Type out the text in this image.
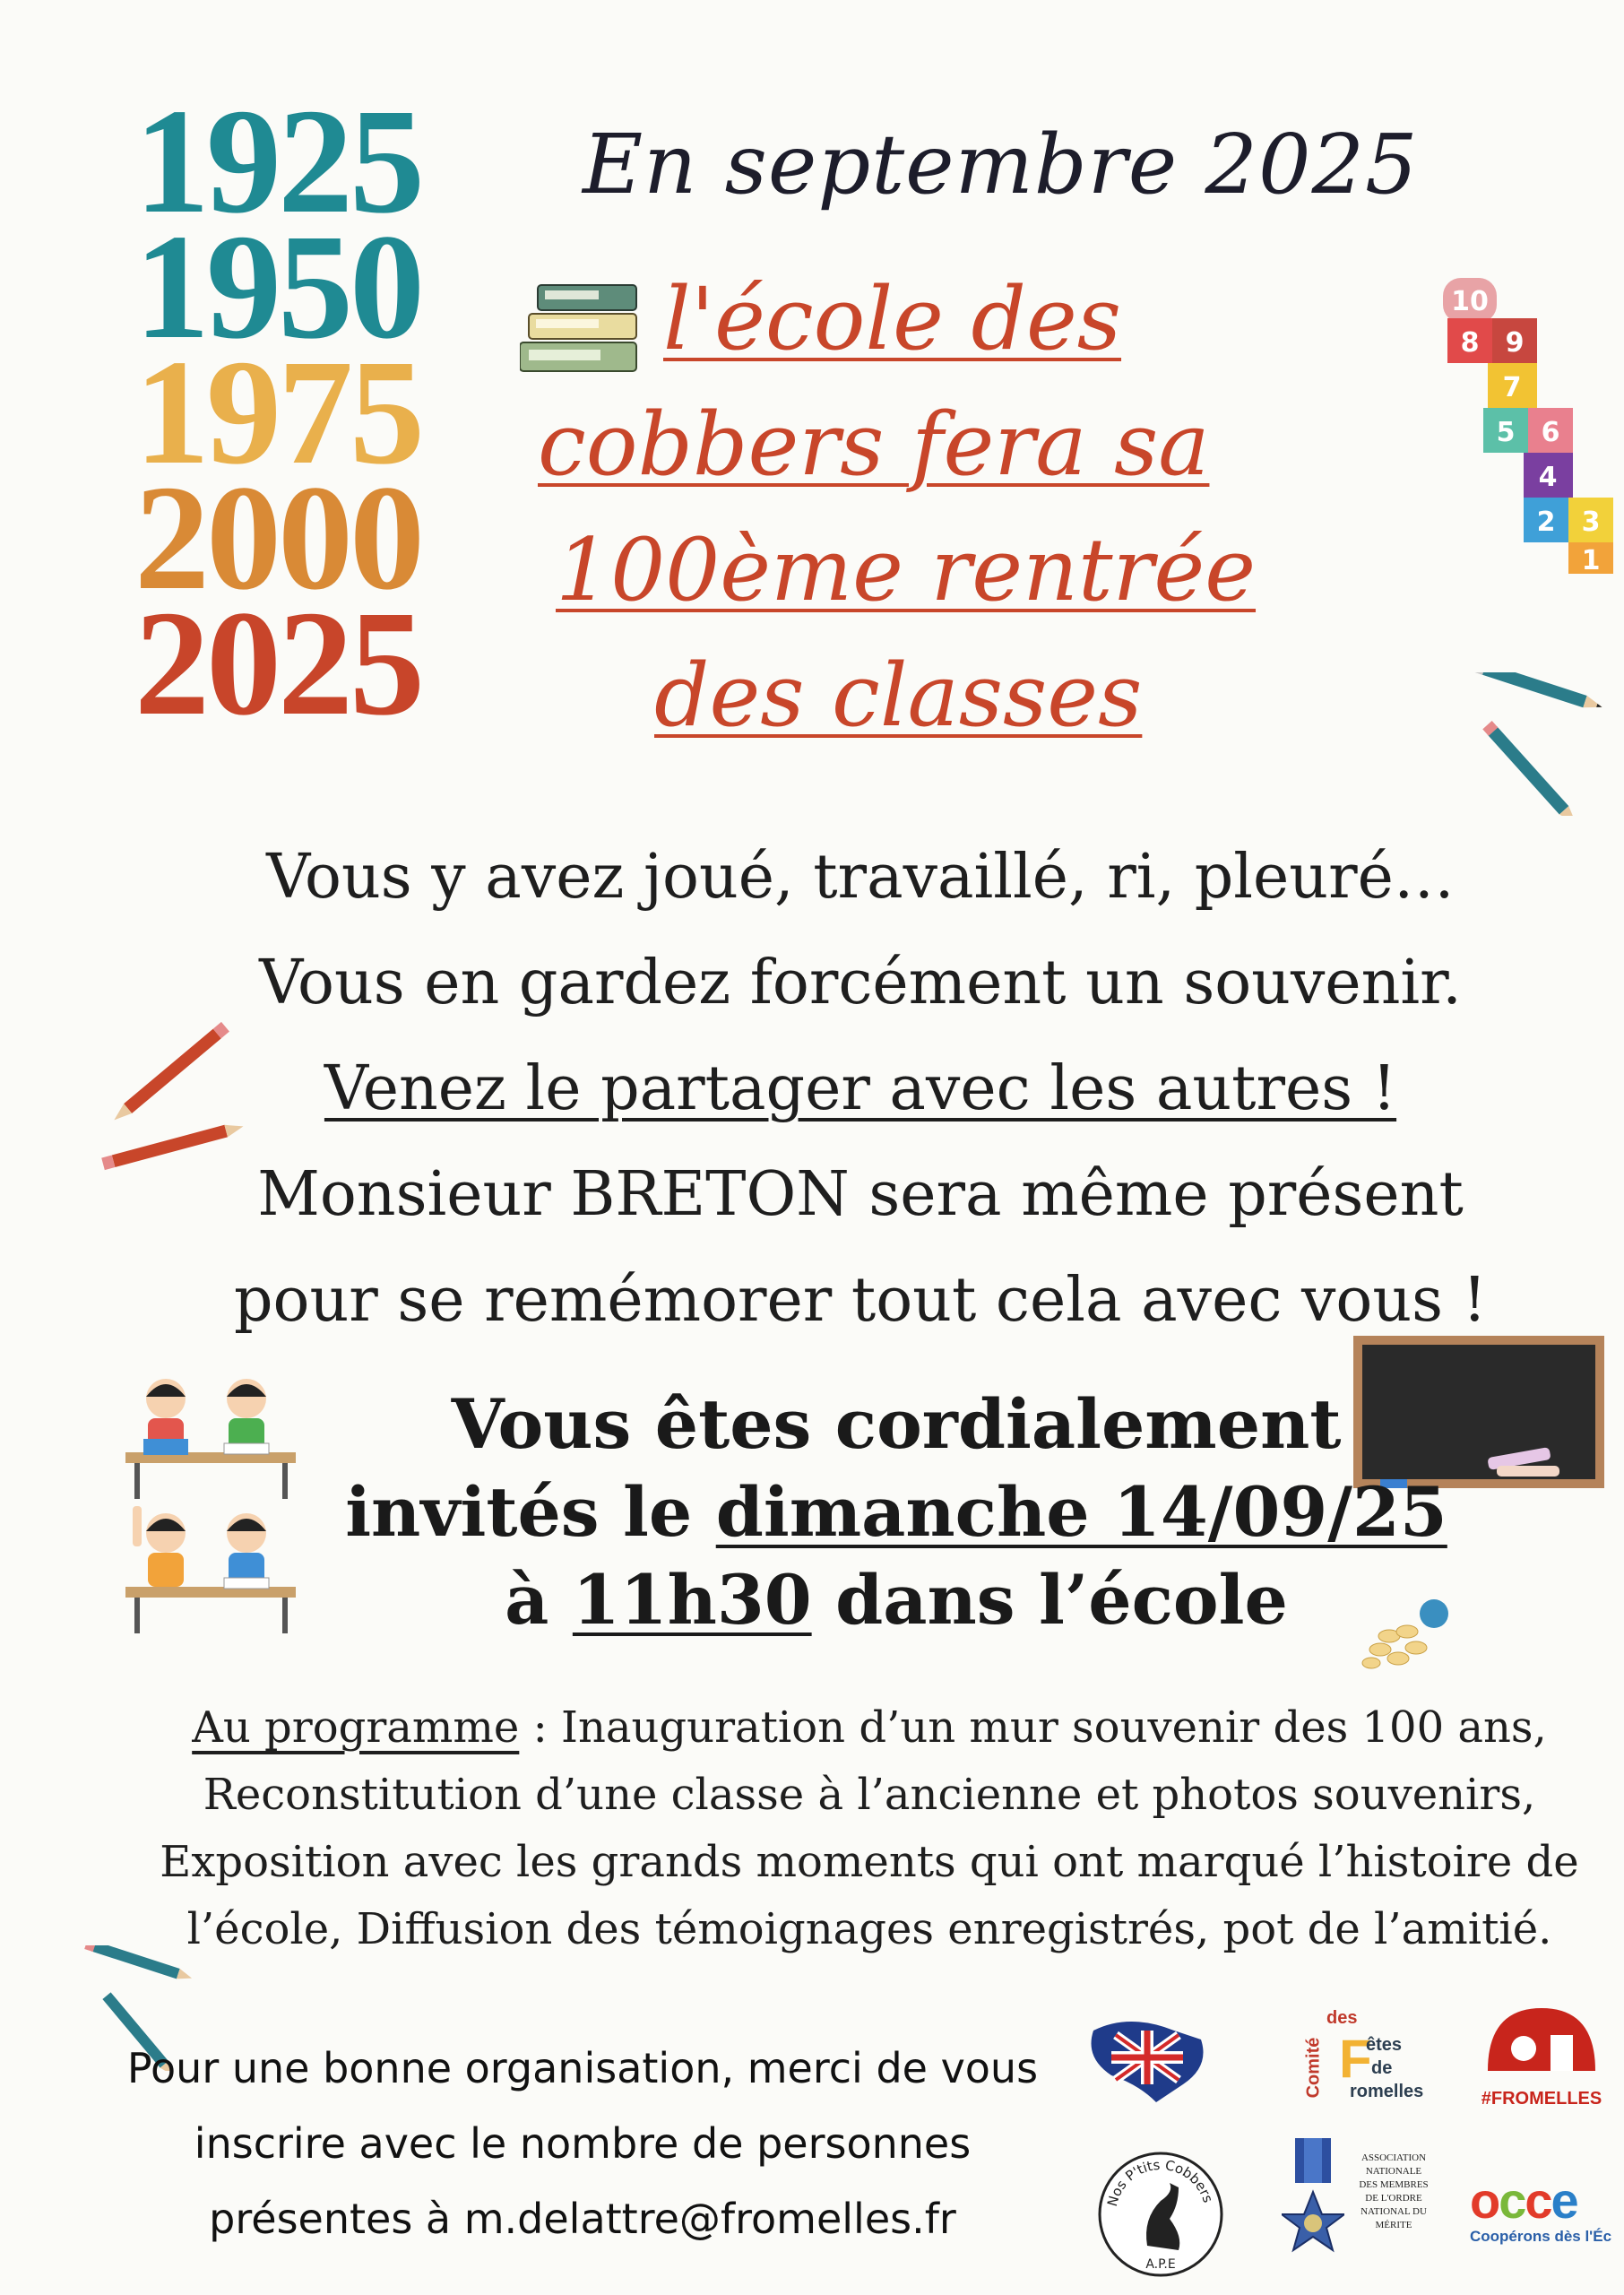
1925

1950

1975

2000

2025

En septembre 2025
l'école des
cobbers fera sa
100ème rentrée
des classes
10
8 9
7
5 6
4
2 3
1
Vous y avez joué, travaillé, ri, pleuré…
Vous en gardez forcément un souvenir.
Venez le partager avec les autres !
Monsieur BRETON sera même présent
pour se remémorer tout cela avec vous !
Vous êtes cordialement
invités le dimanche 14/09/25
à 11h30 dans l’école
Au programme : Inauguration d’un mur souvenir des 100 ans,
Reconstitution d’une classe à l’ancienne et photos souvenirs,
Exposition avec les grands moments qui ont marqué l’histoire de
l’école, Diffusion des témoignages enregistrés, pot de l’amitié.
Pour une bonne organisation, merci de vous
inscrire avec le nombre de personnes
présentes à m.delattre@fromelles.fr
des
F
êtes
de
romelles
Comité
#FROMELLES
Nos P'tits Cobbers
A.P.E
ASSOCIATION
NATIONALE
DES MEMBRES
DE L'ORDRE
NATIONAL DU
MÉRITE	occe
Coopérons dès l'Éc
